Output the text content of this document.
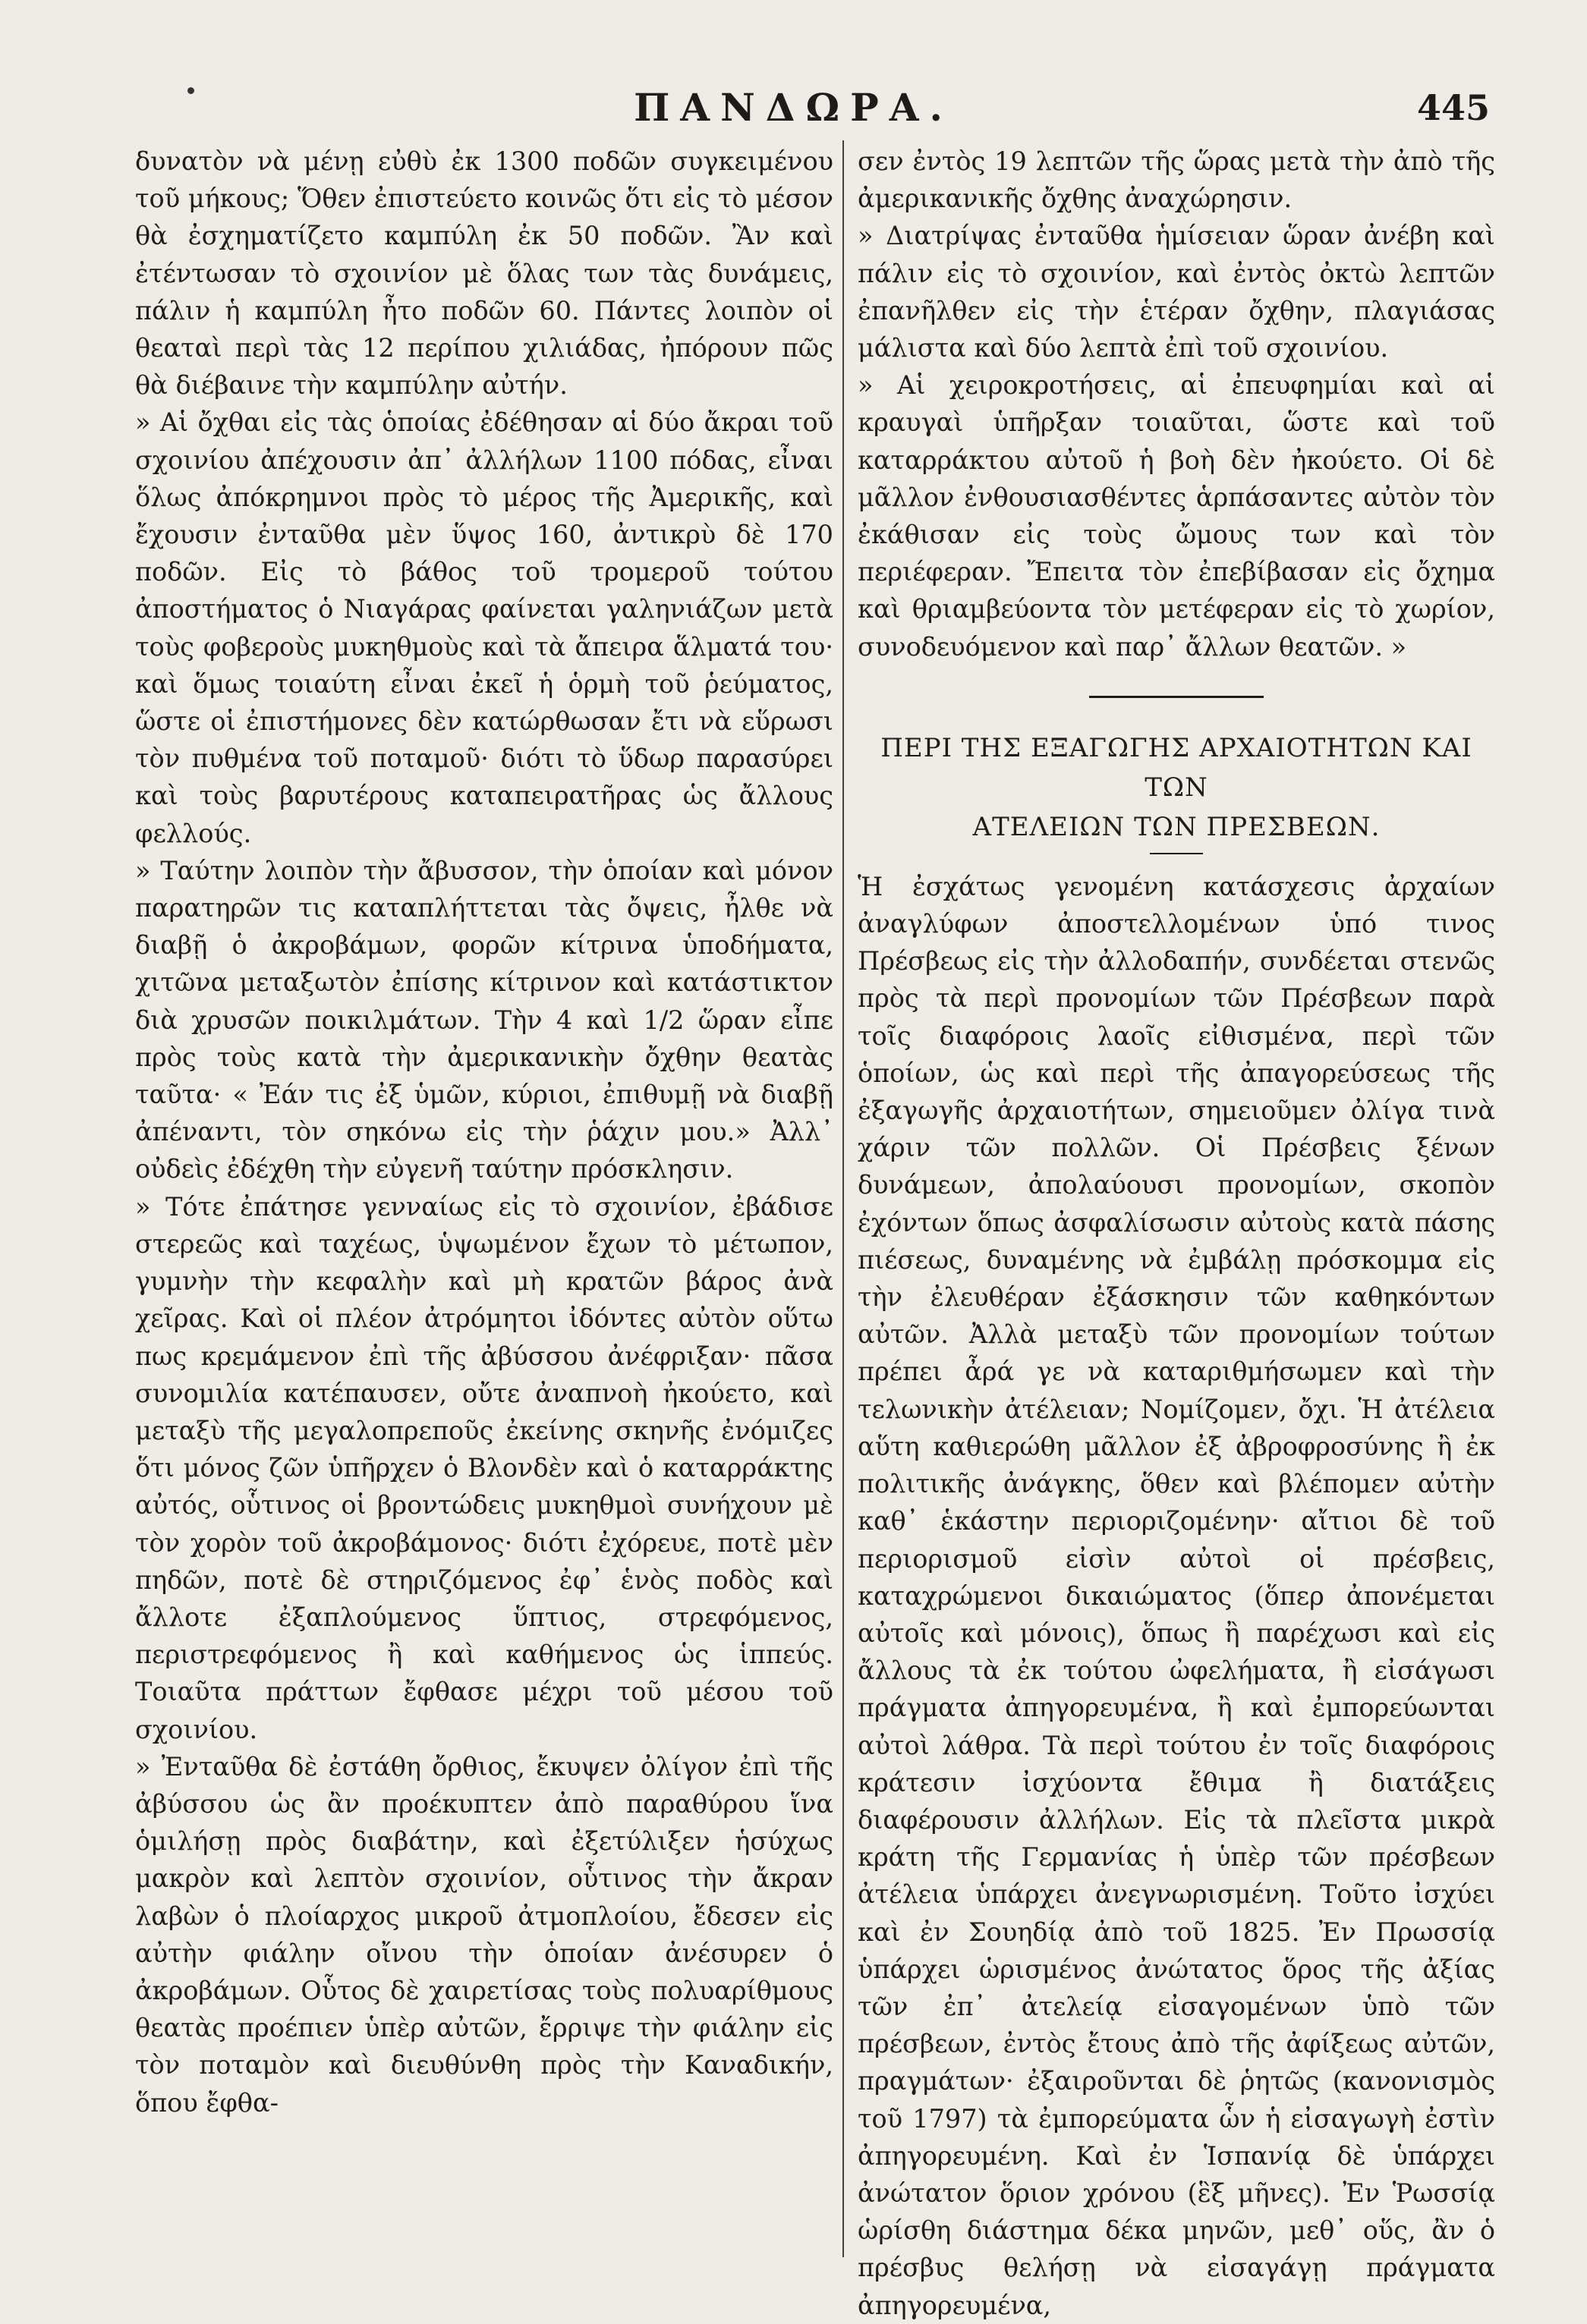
ΠΑΝΔΩΡΑ.	445

δυνατὸν νὰ μένῃ εὐθὺ ἐκ 1300 ποδῶν συγκειμένου τοῦ μήκους; Ὅθεν ἐπιστεύετο κοινῶς ὅτι εἰς τὸ μέσον θὰ ἐσχηματίζετο καμπύλη ἐκ 50 ποδῶν. Ἂν καὶ ἐτέντωσαν τὸ σχοινίον μὲ ὅλας των τὰς δυνάμεις, πάλιν ἡ καμπύλη ἦτο ποδῶν 60. Πάντες λοιπὸν οἱ θεαταὶ περὶ τὰς 12 περίπου χιλιάδας, ἠπόρουν πῶς θὰ διέβαινε τὴν καμπύλην αὐτήν.

» Αἱ ὄχθαι εἰς τὰς ὁποίας ἐδέθησαν αἱ δύο ἄκραι τοῦ σχοινίου ἀπέχουσιν ἀπ᾽ ἀλλήλων 1100 πόδας, εἶναι ὅλως ἀπόκρημνοι πρὸς τὸ μέρος τῆς Ἀμερικῆς, καὶ ἔχουσιν ἐνταῦθα μὲν ὕψος 160, ἀντικρὺ δὲ 170 ποδῶν. Εἰς τὸ βάθος τοῦ τρομεροῦ τούτου ἀποστήματος ὁ Νιαγάρας φαίνεται γαληνιάζων μετὰ τοὺς φοβεροὺς μυκηθμοὺς καὶ τὰ ἄπειρα ἅλματά του· καὶ ὅμως τοιαύτη εἶναι ἐκεῖ ἡ ὁρμὴ τοῦ ῥεύματος, ὥστε οἱ ἐπιστήμονες δὲν κατώρθωσαν ἔτι νὰ εὕρωσι τὸν πυθμένα τοῦ ποταμοῦ· διότι τὸ ὕδωρ παρασύρει καὶ τοὺς βαρυτέρους καταπειρατῆρας ὡς ἄλλους φελλούς.

» Ταύτην λοιπὸν τὴν ἄβυσσον, τὴν ὁποίαν καὶ μόνον παρατηρῶν τις καταπλήττεται τὰς ὄψεις, ἦλθε νὰ διαβῇ ὁ ἀκροβάμων, φορῶν κίτρινα ὑποδήματα, χιτῶνα μεταξωτὸν ἐπίσης κίτρινον καὶ κατάστικτον διὰ χρυσῶν ποικιλμάτων. Τὴν 4 καὶ 1/2 ὥραν εἶπε πρὸς τοὺς κατὰ τὴν ἀμερικανικὴν ὄχθην θεατὰς ταῦτα· « Ἐάν τις ἐξ ὑμῶν, κύριοι, ἐπιθυμῇ νὰ διαβῇ ἀπέναντι, τὸν σηκόνω εἰς τὴν ῥάχιν μου.» Ἀλλ᾽ οὐδεὶς ἐδέχθη τὴν εὐγενῆ ταύτην πρόσκλησιν.

» Τότε ἐπάτησε γενναίως εἰς τὸ σχοινίον, ἐβάδισε στερεῶς καὶ ταχέως, ὑψωμένον ἔχων τὸ μέτωπον, γυμνὴν τὴν κεφαλὴν καὶ μὴ κρατῶν βάρος ἀνὰ χεῖρας. Καὶ οἱ πλέον ἀτρόμητοι ἰδόντες αὐτὸν οὕτω πως κρεμάμενον ἐπὶ τῆς ἀβύσσου ἀνέφριξαν· πᾶσα συνομιλία κατέπαυσεν, οὔτε ἀναπνοὴ ἠκούετο, καὶ μεταξὺ τῆς μεγαλοπρεποῦς ἐκείνης σκηνῆς ἐνόμιζες ὅτι μόνος ζῶν ὑπῆρχεν ὁ Βλονδὲν καὶ ὁ καταρράκτης αὐτός, οὗτινος οἱ βροντώδεις μυκηθμοὶ συνήχουν μὲ τὸν χορὸν τοῦ ἀκροβάμονος· διότι ἐχόρευε, ποτὲ μὲν πηδῶν, ποτὲ δὲ στηριζόμενος ἐφ᾽ ἑνὸς ποδὸς καὶ ἄλλοτε ἐξαπλούμενος ὕπτιος, στρεφόμενος, περιστρεφόμενος ἢ καὶ καθήμενος ὡς ἱππεύς. Τοιαῦτα πράττων ἔφθασε μέχρι τοῦ μέσου τοῦ σχοινίου.

» Ἐνταῦθα δὲ ἐστάθη ὄρθιος, ἔκυψεν ὀλίγον ἐπὶ τῆς ἀβύσσου ὡς ἂν προέκυπτεν ἀπὸ παραθύρου ἵνα ὁμιλήσῃ πρὸς διαβάτην, καὶ ἐξετύλιξεν ἡσύχως μακρὸν καὶ λεπτὸν σχοινίον, οὗτινος τὴν ἄκραν λαβὼν ὁ πλοίαρχος μικροῦ ἀτμοπλοίου, ἔδεσεν εἰς αὐτὴν φιάλην οἴνου τὴν ὁποίαν ἀνέσυρεν ὁ ἀκροβάμων. Οὗτος δὲ χαιρετίσας τοὺς πολυαρίθμους θεατὰς προέπιεν ὑπὲρ αὐτῶν, ἔρριψε τὴν φιάλην εἰς τὸν ποταμὸν καὶ διευθύνθη πρὸς τὴν Καναδικήν, ὅπου ἔφθα-

σεν ἐντὸς 19 λεπτῶν τῆς ὥρας μετὰ τὴν ἀπὸ τῆς ἀμερικανικῆς ὄχθης ἀναχώρησιν.

» Διατρίψας ἐνταῦθα ἡμίσειαν ὥραν ἀνέβη καὶ πάλιν εἰς τὸ σχοινίον, καὶ ἐντὸς ὀκτὼ λεπτῶν ἐπανῆλθεν εἰς τὴν ἑτέραν ὄχθην, πλαγιάσας μάλιστα καὶ δύο λεπτὰ ἐπὶ τοῦ σχοινίου.

» Αἱ χειροκροτήσεις, αἱ ἐπευφημίαι καὶ αἱ κραυγαὶ ὑπῆρξαν τοιαῦται, ὥστε καὶ τοῦ καταρράκτου αὐτοῦ ἡ βοὴ δὲν ἠκούετο. Οἱ δὲ μᾶλλον ἐνθουσιασθέντες ἁρπάσαντες αὐτὸν τὸν ἐκάθισαν εἰς τοὺς ὤμους των καὶ τὸν περιέφεραν. Ἔπειτα τὸν ἐπεβίβασαν εἰς ὄχημα καὶ θριαμβεύοντα τὸν μετέφεραν εἰς τὸ χωρίον, συνοδευόμενον καὶ παρ᾽ ἄλλων θεατῶν. »

ΠΕΡΙ ΤΗΣ ΕΞΑΓΩΓΗΣ ΑΡΧΑΙΟΤΗΤΩΝ ΚΑΙ ΤΩΝ
ΑΤΕΛΕΙΩΝ ΤΩΝ ΠΡΕΣΒΕΩΝ.

Ἡ ἐσχάτως γενομένη κατάσχεσις ἀρχαίων ἀναγλύφων ἀποστελλομένων ὑπό τινος Πρέσβεως εἰς τὴν ἀλλοδαπήν, συνδέεται στενῶς πρὸς τὰ περὶ προνομίων τῶν Πρέσβεων παρὰ τοῖς διαφόροις λαοῖς εἰθισμένα, περὶ τῶν ὁποίων, ὡς καὶ περὶ τῆς ἀπαγορεύσεως τῆς ἐξαγωγῆς ἀρχαιοτήτων, σημειοῦμεν ὀλίγα τινὰ χάριν τῶν πολλῶν. Οἱ Πρέσβεις ξένων δυνάμεων, ἀπολαύουσι προνομίων, σκοπὸν ἐχόντων ὅπως ἀσφαλίσωσιν αὐτοὺς κατὰ πάσης πιέσεως, δυναμένης νὰ ἐμβάλῃ πρόσκομμα εἰς τὴν ἐλευθέραν ἐξάσκησιν τῶν καθηκόντων αὐτῶν. Ἀλλὰ μεταξὺ τῶν προνομίων τούτων πρέπει ἆρά γε νὰ καταριθμήσωμεν καὶ τὴν τελωνικὴν ἀτέλειαν; Νομίζομεν, ὄχι. Ἡ ἀτέλεια αὕτη καθιερώθη μᾶλλον ἐξ ἀβροφροσύνης ἢ ἐκ πολιτικῆς ἀνάγκης, ὅθεν καὶ βλέπομεν αὐτὴν καθ᾽ ἑκάστην περιοριζομένην· αἴτιοι δὲ τοῦ περιορισμοῦ εἰσὶν αὐτοὶ οἱ πρέσβεις, καταχρώμενοι δικαιώματος (ὅπερ ἀπονέμεται αὐτοῖς καὶ μόνοις), ὅπως ἢ παρέχωσι καὶ εἰς ἄλλους τὰ ἐκ τούτου ὠφελήματα, ἢ εἰσάγωσι πράγματα ἀπηγορευμένα, ἢ καὶ ἐμπορεύωνται αὐτοὶ λάθρα. Τὰ περὶ τούτου ἐν τοῖς διαφόροις κράτεσιν ἰσχύοντα ἔθιμα ἢ διατάξεις διαφέρουσιν ἀλλήλων. Εἰς τὰ πλεῖστα μικρὰ κράτη τῆς Γερμανίας ἡ ὑπὲρ τῶν πρέσβεων ἀτέλεια ὑπάρχει ἀνεγνωρισμένη. Τοῦτο ἰσχύει καὶ ἐν Σουηδίᾳ ἀπὸ τοῦ 1825. Ἐν Πρωσσίᾳ ὑπάρχει ὡρισμένος ἀνώτατος ὅρος τῆς ἀξίας τῶν ἐπ᾽ ἀτελείᾳ εἰσαγομένων ὑπὸ τῶν πρέσβεων, ἐντὸς ἔτους ἀπὸ τῆς ἀφίξεως αὐτῶν, πραγμάτων· ἐξαιροῦνται δὲ ῥητῶς (κανονισμὸς τοῦ 1797) τὰ ἐμπορεύματα ὧν ἡ εἰσαγωγὴ ἐστὶν ἀπηγορευμένη. Καὶ ἐν Ἱσπανίᾳ δὲ ὑπάρχει ἀνώτατον ὅριον χρόνου (ἓξ μῆνες). Ἐν Ῥωσσίᾳ ὡρίσθη διάστημα δέκα μηνῶν, μεθ᾽ οὕς, ἂν ὁ πρέσβυς θελήσῃ νὰ εἰσαγάγῃ πράγματα ἀπηγορευμένα,
